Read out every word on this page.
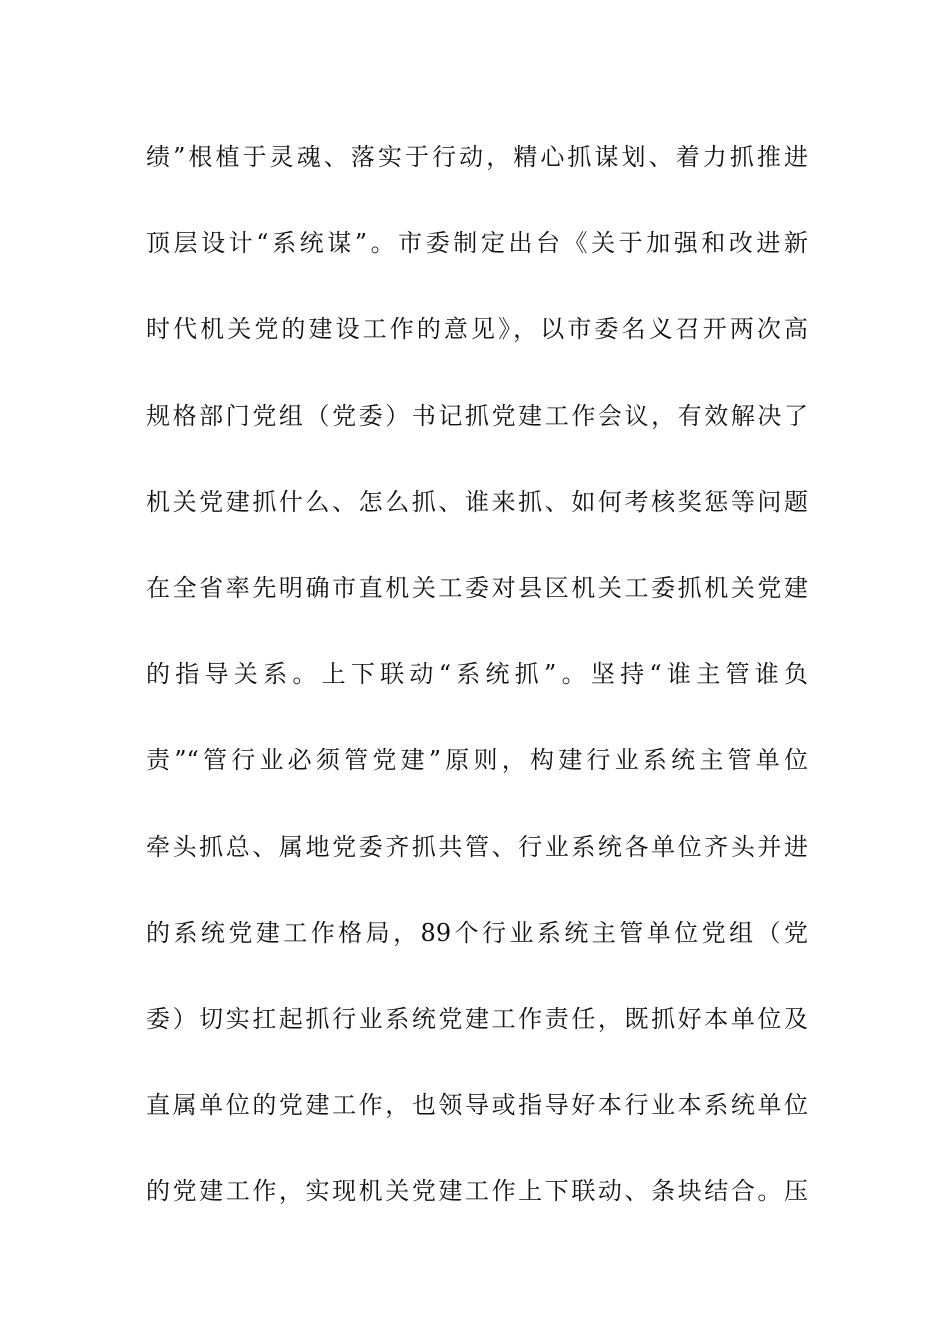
绩”根植于灵魂、落实于行动，精心抓谋划、着力抓推进
顶层设计“系统谋”。市委制定出台《关于加强和改进新
时代机关党的建设工作的意见》，以市委名义召开两次高
规格部门党组（党委）书记抓党建工作会议，有效解决了
机关党建抓什么、怎么抓、谁来抓、如何考核奖惩等问题
在全省率先明确市直机关工委对县区机关工委抓机关党建
的指导关系。上下联动“系统抓”。坚持“谁主管谁负
责”“管行业必须管党建”原则，构建行业系统主管单位
牵头抓总、属地党委齐抓共管、行业系统各单位齐头并进
的系统党建工作格局，89个行业系统主管单位党组（党
委）切实扛起抓行业系统党建工作责任，既抓好本单位及
直属单位的党建工作，也领导或指导好本行业本系统单位
的党建工作，实现机关党建工作上下联动、条块结合。压
